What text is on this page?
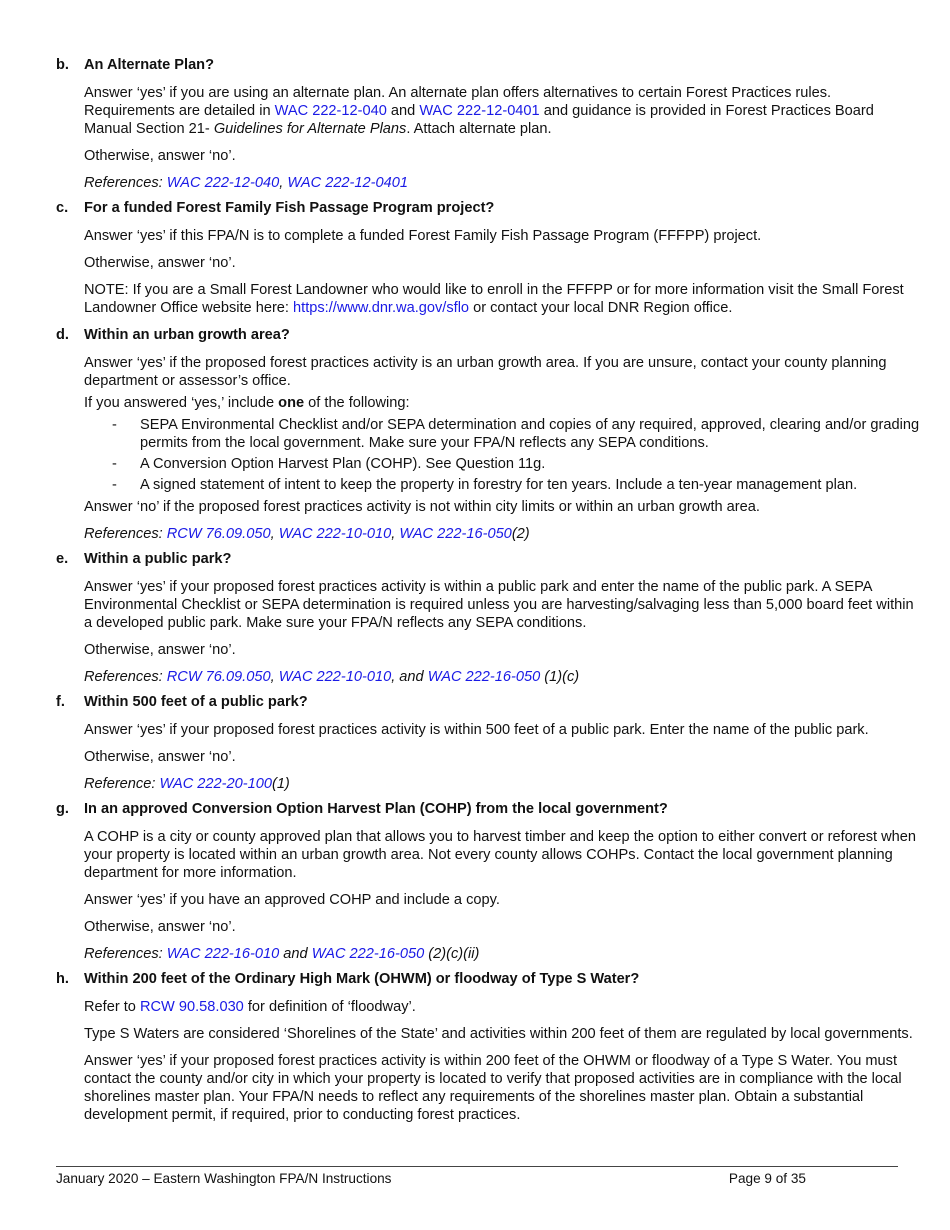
b.	An Alternate Plan?

Answer ‘yes’ if you are using an alternate plan. An alternate plan offers alternatives to certain Forest Practices rules. Requirements are detailed in WAC 222-12-040 and WAC 222-12-0401 and guidance is provided in Forest Practices Board Manual Section 21- Guidelines for Alternate Plans. Attach alternate plan.

Otherwise, answer ‘no’.

References: WAC 222-12-040, WAC 222-12-0401

c.	For a funded Forest Family Fish Passage Program project?

Answer ‘yes’ if this FPA/N is to complete a funded Forest Family Fish Passage Program (FFFPP) project.

Otherwise, answer ‘no’.

NOTE: If you are a Small Forest Landowner who would like to enroll in the FFFPP or for more information visit the Small Forest Landowner Office website here: https://www.dnr.wa.gov/sflo or contact your local DNR Region office.

d.	Within an urban growth area?

Answer ‘yes’ if the proposed forest practices activity is an urban growth area. If you are unsure, contact your county planning department or assessor’s office.

If you answered ‘yes,’ include one of the following:

- SEPA Environmental Checklist and/or SEPA determination and copies of any required, approved, clearing and/or grading permits from the local government. Make sure your FPA/N reflects any SEPA conditions.
- A Conversion Option Harvest Plan (COHP). See Question 11g.
- A signed statement of intent to keep the property in forestry for ten years. Include a ten-year management plan.

Answer ‘no’ if the proposed forest practices activity is not within city limits or within an urban growth area.

References: RCW 76.09.050, WAC 222-10-010, WAC 222-16-050(2)

e.	Within a public park?

Answer ‘yes’ if your proposed forest practices activity is within a public park and enter the name of the public park. A SEPA Environmental Checklist or SEPA determination is required unless you are harvesting/salvaging less than 5,000 board feet within a developed public park. Make sure your FPA/N reflects any SEPA conditions.

Otherwise, answer ‘no’.

References: RCW 76.09.050, WAC 222-10-010, and WAC 222-16-050 (1)(c)

f.	Within 500 feet of a public park?

Answer ‘yes’ if your proposed forest practices activity is within 500 feet of a public park. Enter the name of the public park.

Otherwise, answer ‘no’.

Reference: WAC 222-20-100(1)

g.	In an approved Conversion Option Harvest Plan (COHP) from the local government?

A COHP is a city or county approved plan that allows you to harvest timber and keep the option to either convert or reforest when your property is located within an urban growth area. Not every county allows COHPs. Contact the local government planning department for more information.

Answer ‘yes’ if you have an approved COHP and include a copy.

Otherwise, answer ‘no’.

References: WAC 222-16-010 and WAC 222-16-050 (2)(c)(ii)

h.	Within 200 feet of the Ordinary High Mark (OHWM) or floodway of Type S Water?

Refer to RCW 90.58.030 for definition of ‘floodway’.

Type S Waters are considered ‘Shorelines of the State’ and activities within 200 feet of them are regulated by local governments.

Answer ‘yes’ if your proposed forest practices activity is within 200 feet of the OHWM or floodway of a Type S Water. You must contact the county and/or city in which your property is located to verify that proposed activities are in compliance with the local shorelines master plan. Your FPA/N needs to reflect any requirements of the shorelines master plan. Obtain a substantial development permit, if required, prior to conducting forest practices.

January 2020 – Eastern Washington FPA/N Instructions	Page 9 of 35
